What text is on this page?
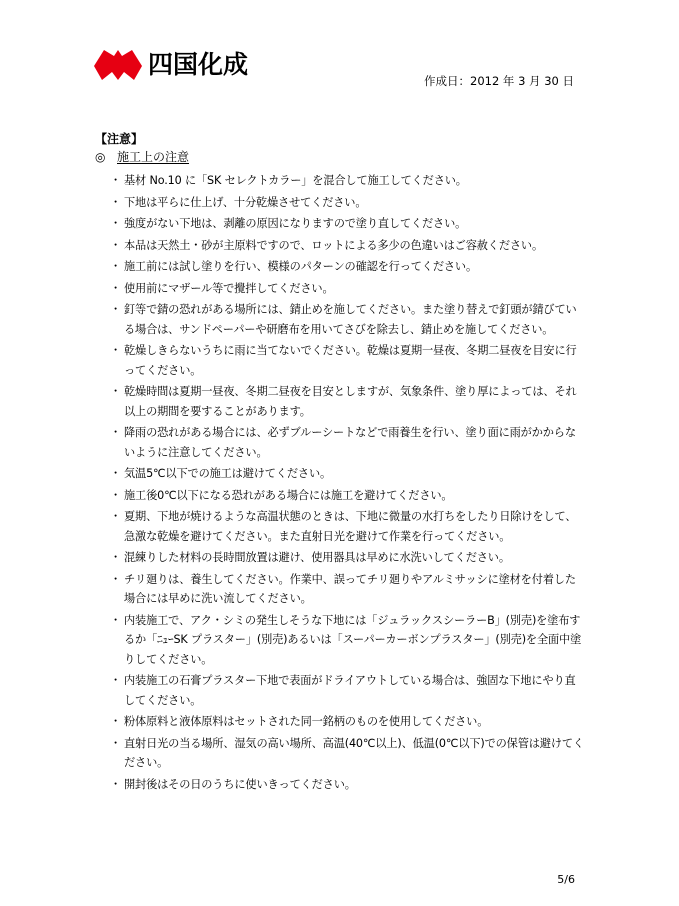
四国化成
作成日：2012 年 3 月 30 日
【注意】
◎ 施工上の注意
・ 基材 No.10 に「SK セレクトカラー」を混合して施工してください。
・ 下地は平らに仕上げ、十分乾燥させてください。
・ 強度がない下地は、剥離の原因になりますので塗り直してください。
・ 本品は天然土・砂が主原料ですので、ロットによる多少の色違いはご容赦ください。
・ 施工前には試し塗りを行い、模様のパターンの確認を行ってください。
・ 使用前にマザール等で攪拌してください。
・ 釘等で錆の恐れがある場所には、錆止めを施してください。また塗り替えで釘頭が錆びている場合は、サンドペーパーや研磨布を用いてさびを除去し、錆止めを施してください。
・ 乾燥しきらないうちに雨に当てないでください。乾燥は夏期一昼夜、冬期二昼夜を目安に行ってください。
・ 乾燥時間は夏期一昼夜、冬期二昼夜を目安としますが、気象条件、塗り厚によっては、それ以上の期間を要することがあります。
・ 降雨の恐れがある場合には、必ずブルーシートなどで雨養生を行い、塗り面に雨がかからないように注意してください。
・ 気温5℃以下での施工は避けてください。
・ 施工後0℃以下になる恐れがある場合には施工を避けてください。
・ 夏期、下地が焼けるような高温状態のときは、下地に微量の水打ちをしたり日除けをして、急激な乾燥を避けてください。また直射日光を避けて作業を行ってください。
・ 混練りした材料の長時間放置は避け、使用器具は早めに水洗いしてください。
・ チリ廻りは、養生してください。作業中、誤ってチリ廻りやアルミサッシに塗材を付着した場合には早めに洗い流してください。
・ 内装施工で、アク・シミの発生しそうな下地には「ジュラックスシーラーB」(別売)を塗布するか「ﾆｭｰSK プラスター」(別売)あるいは「スーパーカーボンプラスター」(別売)を全面中塗りしてください。
・ 内装施工の石膏プラスター下地で表面がドライアウトしている場合は、強固な下地にやり直してください。
・ 粉体原料と液体原料はセットされた同一銘柄のものを使用してください。
・ 直射日光の当る場所、湿気の高い場所、高温(40℃以上)、低温(0℃以下)での保管は避けてください。
・ 開封後はその日のうちに使いきってください。
5/6
